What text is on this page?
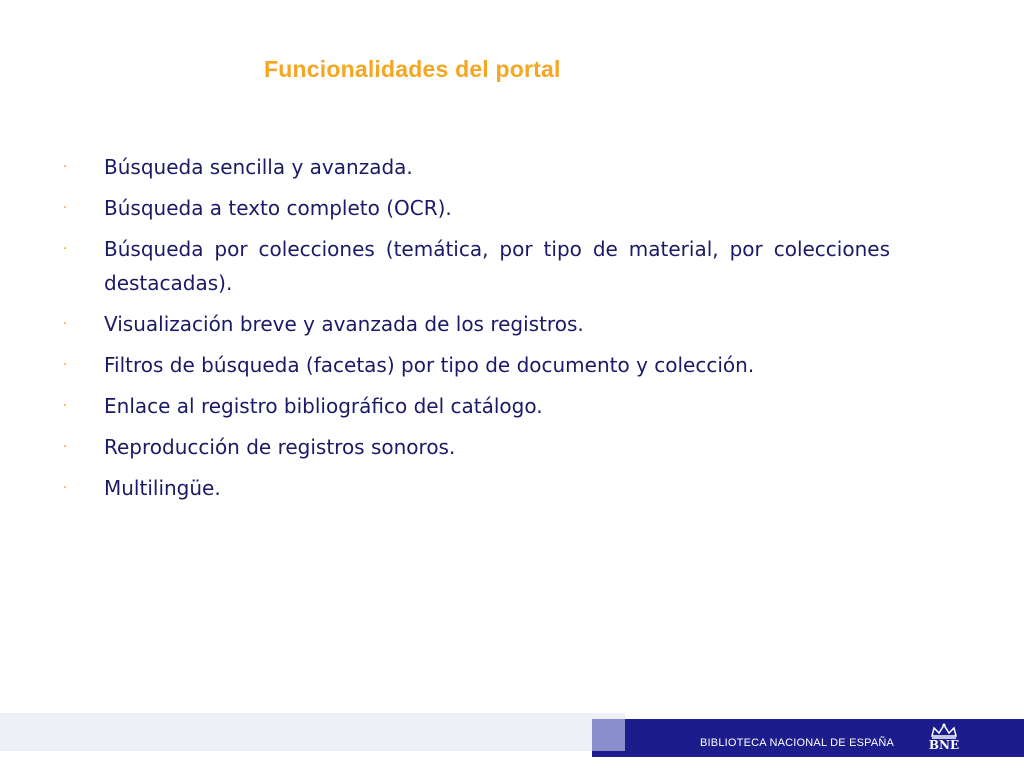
Funcionalidades del portal
· Búsqueda sencilla y avanzada.
· Búsqueda a texto completo (OCR).
· Búsqueda por colecciones (temática, por tipo de material, por colecciones destacadas).
· Visualización breve y avanzada de los registros.
· Filtros de búsqueda (facetas) por tipo de documento y colección.
· Enlace al registro bibliográfico del catálogo.
· Reproducción de registros sonoros.
· Multilingüe.
BIBLIOTECA NACIONAL DE ESPAÑA	BNE
